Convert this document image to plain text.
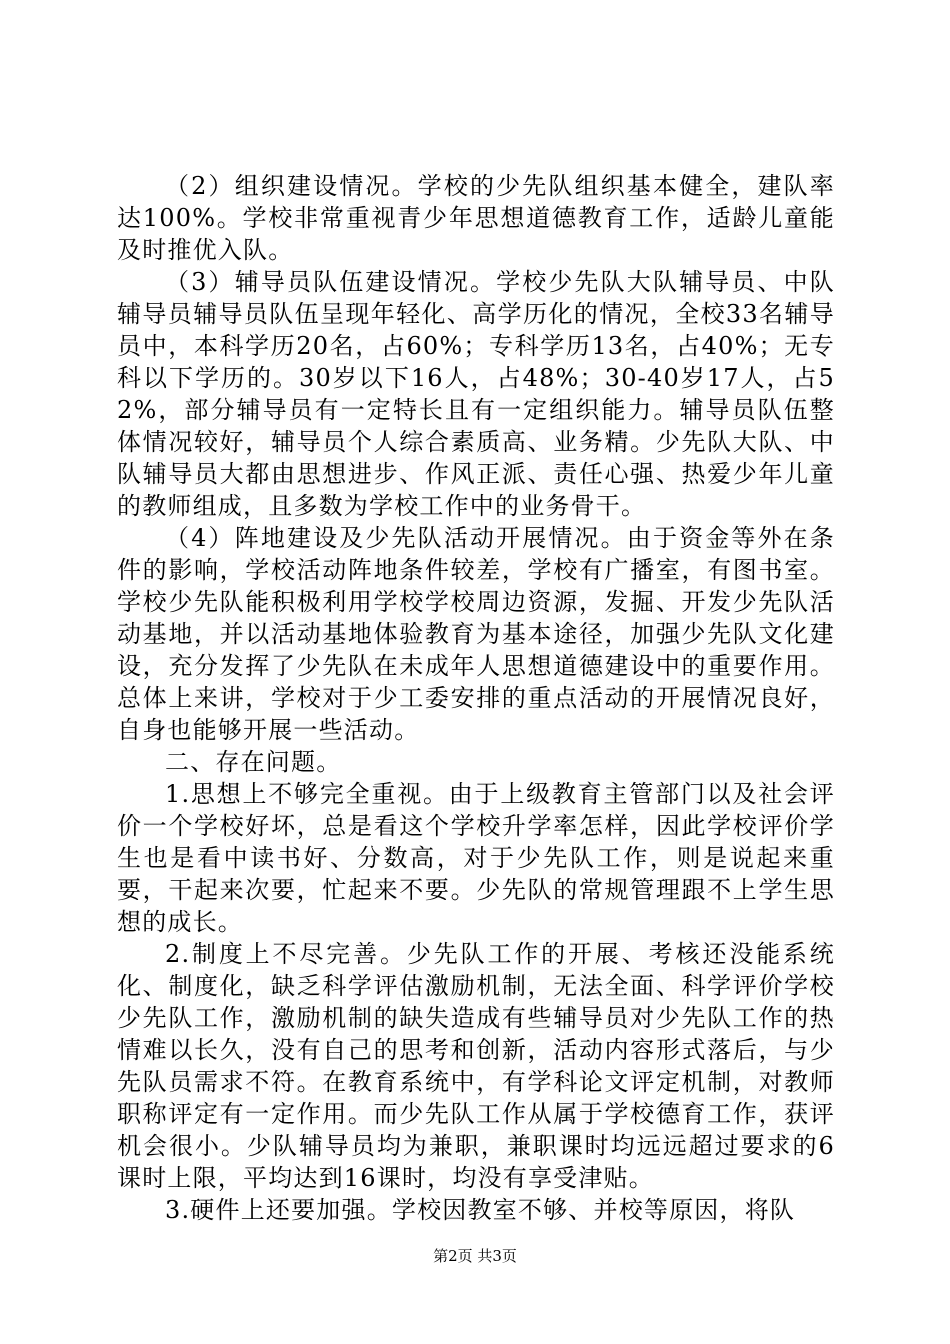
（2）组织建设情况。学校的少先队组织基本健全，建队率达100%。学校非常重视青少年思想道德教育工作，适龄儿童能及时推优入队。

（3）辅导员队伍建设情况。学校少先队大队辅导员、中队辅导员辅导员队伍呈现年轻化、高学历化的情况，全校33名辅导员中，本科学历20名，占60%；专科学历13名，占40%；无专科以下学历的。30岁以下16人，占48%；30-40岁17人，占52%，部分辅导员有一定特长且有一定组织能力。辅导员队伍整体情况较好，辅导员个人综合素质高、业务精。少先队大队、中队辅导员大都由思想进步、作风正派、责任心强、热爱少年儿童的教师组成，且多数为学校工作中的业务骨干。

（4）阵地建设及少先队活动开展情况。由于资金等外在条件的影响，学校活动阵地条件较差，学校有广播室，有图书室。学校少先队能积极利用学校学校周边资源，发掘、开发少先队活动基地，并以活动基地体验教育为基本途径，加强少先队文化建设，充分发挥了少先队在未成年人思想道德建设中的重要作用。总体上来讲，学校对于少工委安排的重点活动的开展情况良好，自身也能够开展一些活动。

二、存在问题。

1.思想上不够完全重视。由于上级教育主管部门以及社会评价一个学校好坏，总是看这个学校升学率怎样，因此学校评价学生也是看中读书好、分数高，对于少先队工作，则是说起来重要，干起来次要，忙起来不要。少先队的常规管理跟不上学生思想的成长。

2.制度上不尽完善。少先队工作的开展、考核还没能系统化、制度化，缺乏科学评估激励机制，无法全面、科学评价学校少先队工作，激励机制的缺失造成有些辅导员对少先队工作的热情难以长久，没有自己的思考和创新，活动内容形式落后，与少先队员需求不符。在教育系统中，有学科论文评定机制，对教师职称评定有一定作用。而少先队工作从属于学校德育工作，获评机会很小。少队辅导员均为兼职，兼职课时均远远超过要求的6课时上限，平均达到16课时，均没有享受津贴。

3.硬件上还要加强。学校因教室不够、并校等原因，将队

第2页 共3页
